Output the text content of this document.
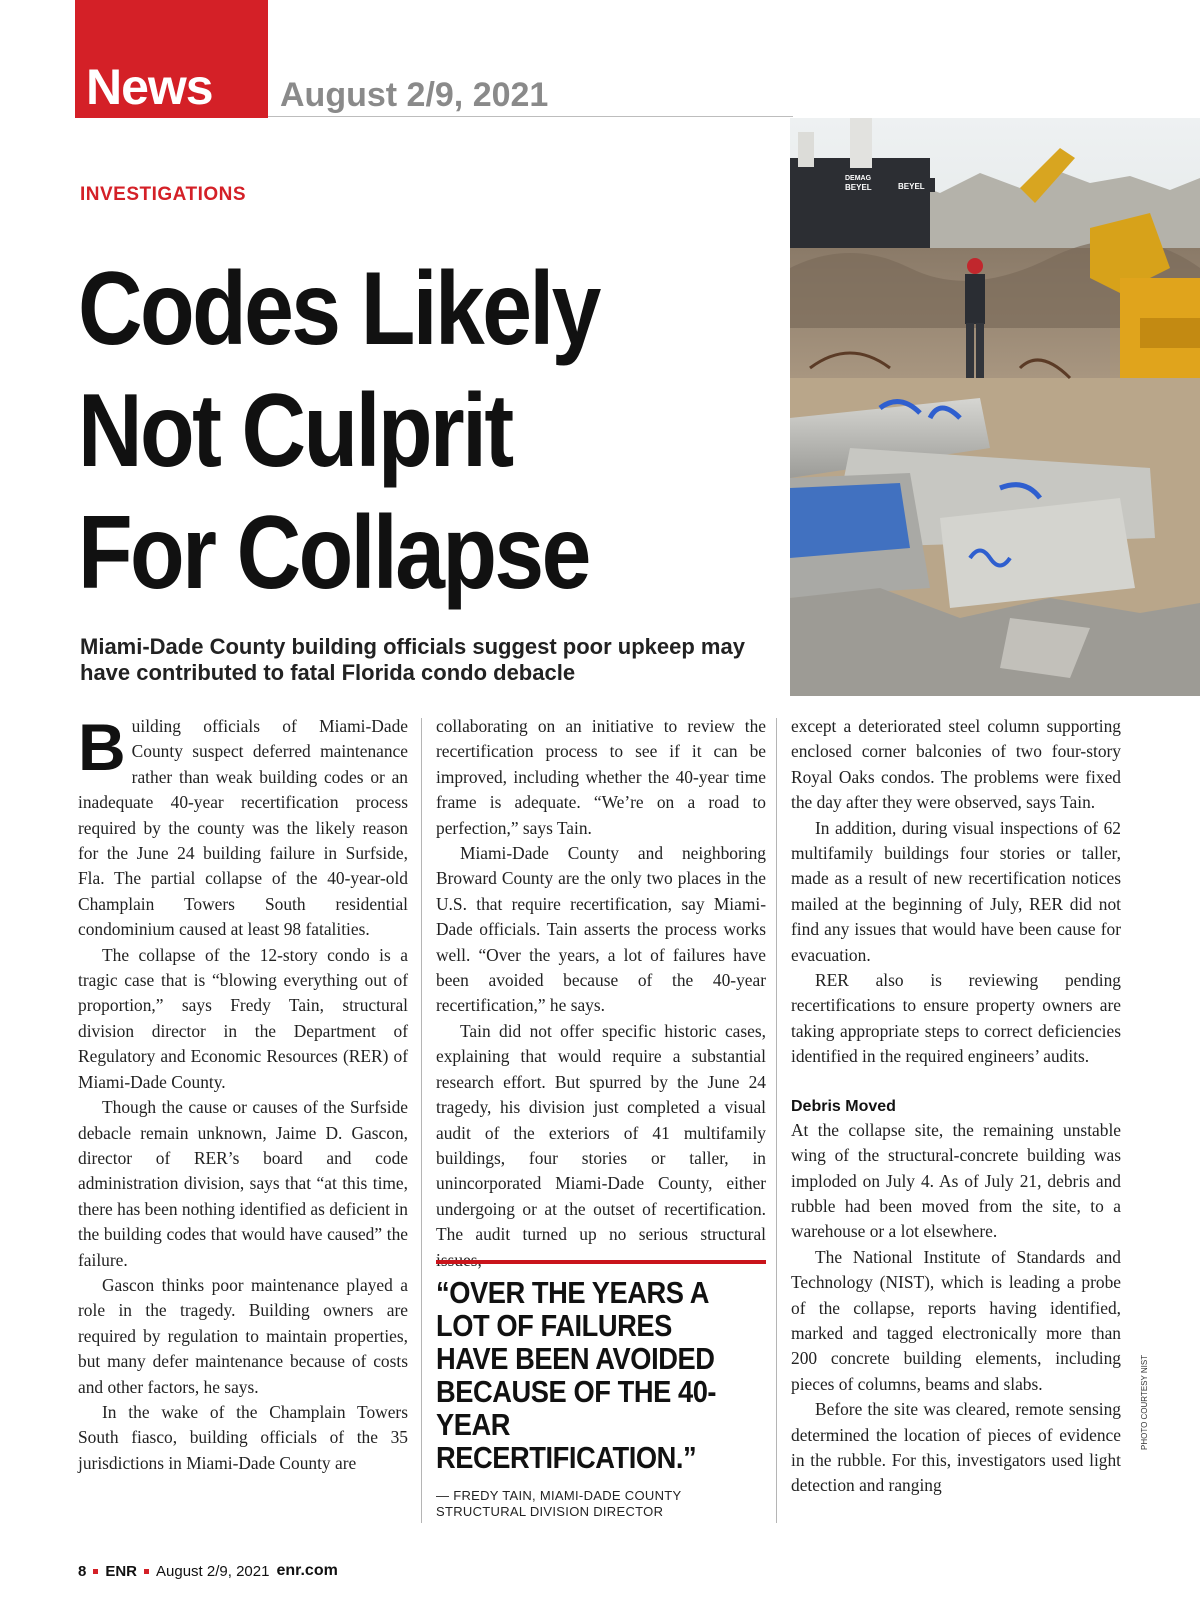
News August 2/9, 2021
DEMAG
BEYEL	BEYEL
PHOTO COURTESY NIST
INVESTIGATIONS
Codes Likely
Not Culprit
For Collapse

Miami-Dade County building officials suggest poor upkeep may have contributed to fatal Florida condo debacle

Building officials of Miami-Dade County suspect deferred maintenance rather than weak building codes or an inadequate 40-year recertification process required by the county was the likely reason for the June 24 building failure in Surfside, Fla. The partial collapse of the 40-year-old Champlain Towers South residential condominium caused at least 98 fatalities.

The collapse of the 12-story condo is a tragic case that is “blowing everything out of proportion,” says Fredy Tain, structural division director in the Department of Regulatory and Economic Resources (RER) of Miami-Dade County.

Though the cause or causes of the Surfside debacle remain unknown, Jaime D. Gascon, director of RER’s board and code administration division, says that “at this time, there has been nothing identified as deficient in the building codes that would have caused” the failure.

Gascon thinks poor maintenance played a role in the tragedy. Building owners are required by regulation to maintain properties, but many defer maintenance because of costs and other factors, he says.

In the wake of the Champlain Towers South fiasco, building officials of the 35 jurisdictions in Miami-Dade County are

collaborating on an initiative to review the recertification process to see if it can be improved, including whether the 40-year time frame is adequate. “We’re on a road to perfection,” says Tain.

Miami-Dade County and neighboring Broward County are the only two places in the U.S. that require recertification, say Miami-Dade officials. Tain asserts the process works well. “Over the years, a lot of failures have been avoided because of the 40-year recertification,” he says.

Tain did not offer specific historic cases, explaining that would require a substantial research effort. But spurred by the June 24 tragedy, his division just completed a visual audit of the exteriors of 41 multifamily buildings, four stories or taller, in unincorporated Miami-Dade County, either undergoing or at the outset of recertification. The audit turned up no serious structural

“OVER THE YEARS A LOT OF FAILURES HAVE BEEN AVOIDED BECAUSE OF THE 40-YEAR RECERTIFICATION.”
— FREDY TAIN, MIAMI-DADE COUNTY STRUCTURAL DIVISION DIRECTOR

except a deteriorated steel column supporting enclosed corner balconies of two four-story Royal Oaks condos. The problems were fixed the day after they were observed, says Tain.

In addition, during visual inspections of 62 multifamily buildings four stories or taller, made as a result of new recertification notices mailed at the beginning of July, RER did not find any issues that would have been cause for evacuation.

RER also is reviewing pending recertifications to ensure property owners are taking appropriate steps to correct deficiencies identified in the required engineers’ audits.

Debris Moved

At the collapse site, the remaining unstable wing of the structural-concrete building was imploded on July 4. As of July 21, debris and rubble had been moved from the site, to a warehouse or a lot elsewhere.

The National Institute of Standards and Technology (NIST), which is leading a probe of the collapse, reports having identified, marked and tagged electronically more than 200 concrete building elements, including pieces of columns, beams and slabs.

Before the site was cleared, remote sensing determined the location of pieces of evidence in the rubble. For this, investigators used light detection and ranging

8 ENR August 2/9, 2021 enr.com
